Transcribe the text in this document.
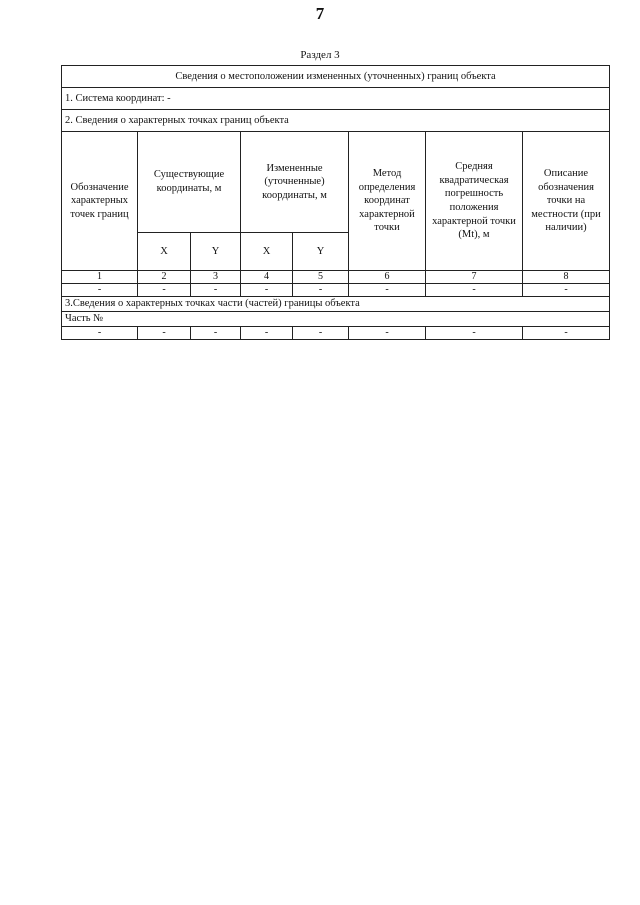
7
Раздел 3
Сведения о местоположении измененных (уточненных) границ объекта							
1. Система координат: -							
2. Сведения о характерных точках границ объекта							
Обозначение характерных точек границ	Существующие координаты, м		Измененные (уточненные) координаты, м		Метод определения координат характерной точки	Средняя квадратическая погрешность положения характерной точки (Mt), м	Описание обозначения точки на местности (при наличии)
	X	Y	X	Y			
1	2	3	4	5	6	7	8
-	-	-	-	-	-	-	-
3.Сведения о характерных точках части (частей) границы объекта							
Часть №							
-	-	-	-	-	-	-	-
